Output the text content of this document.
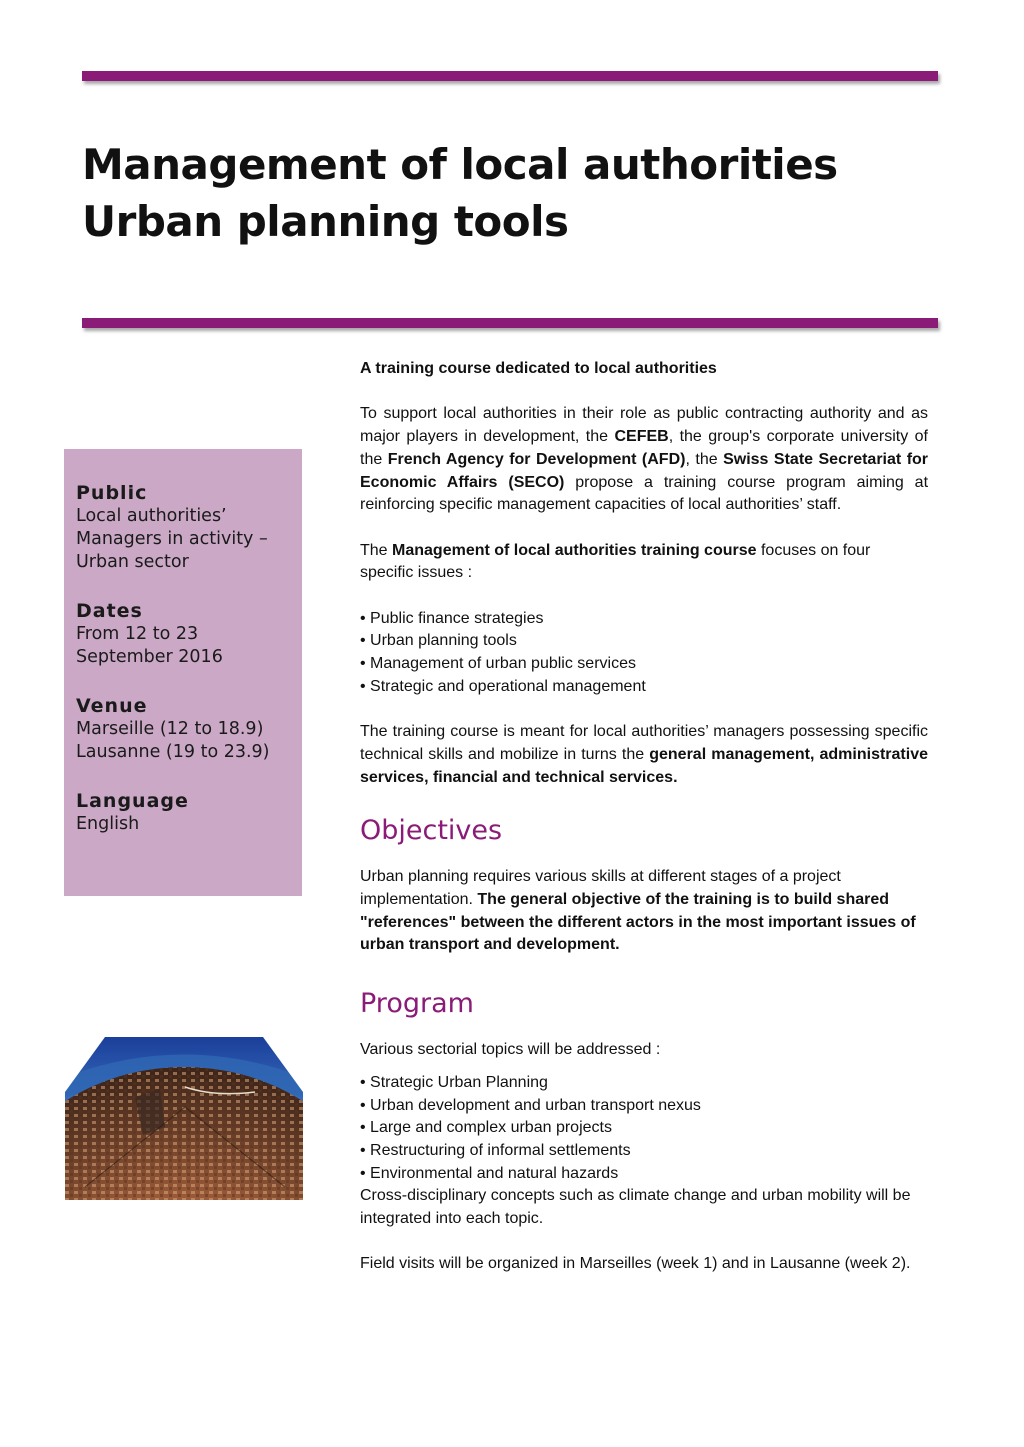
Management of local authorities
Urban planning tools
Public
Local authorities’
Managers in activity –
Urban sector
Dates
From 12 to 23
September 2016
Venue
Marseille (12 to 18.9)
Lausanne (19 to 23.9)
Language
English

A training course dedicated to local authorities

To support local authorities in their role as public contracting authority and as major players in development, the CEFEB, the group's corporate university of the French Agency for Development (AFD), the Swiss State Secretariat for Economic Affairs (SECO) propose a training course program aiming at reinforcing specific management capacities of local authorities’ staff.

The Management of local authorities training course focuses on four specific issues :

• Public finance strategies
• Urban planning tools
• Management of urban public services
• Strategic and operational management

The training course is meant for local authorities’ managers possessing specific technical skills and mobilize in turns the general management, administrative services, financial and technical services.

Objectives

Urban planning requires various skills at different stages of a project implementation. The general objective of the training is to build shared "references" between the different actors in the most important issues of urban transport and development.

Program

Various sectorial topics will be addressed :

• Strategic Urban Planning
• Urban development and urban transport nexus
• Large and complex urban projects
• Restructuring of informal settlements
• Environmental and natural hazards

Cross-disciplinary concepts such as climate change and urban mobility will be integrated into each topic.

Field visits will be organized in Marseilles (week 1) and in Lausanne (week 2).
